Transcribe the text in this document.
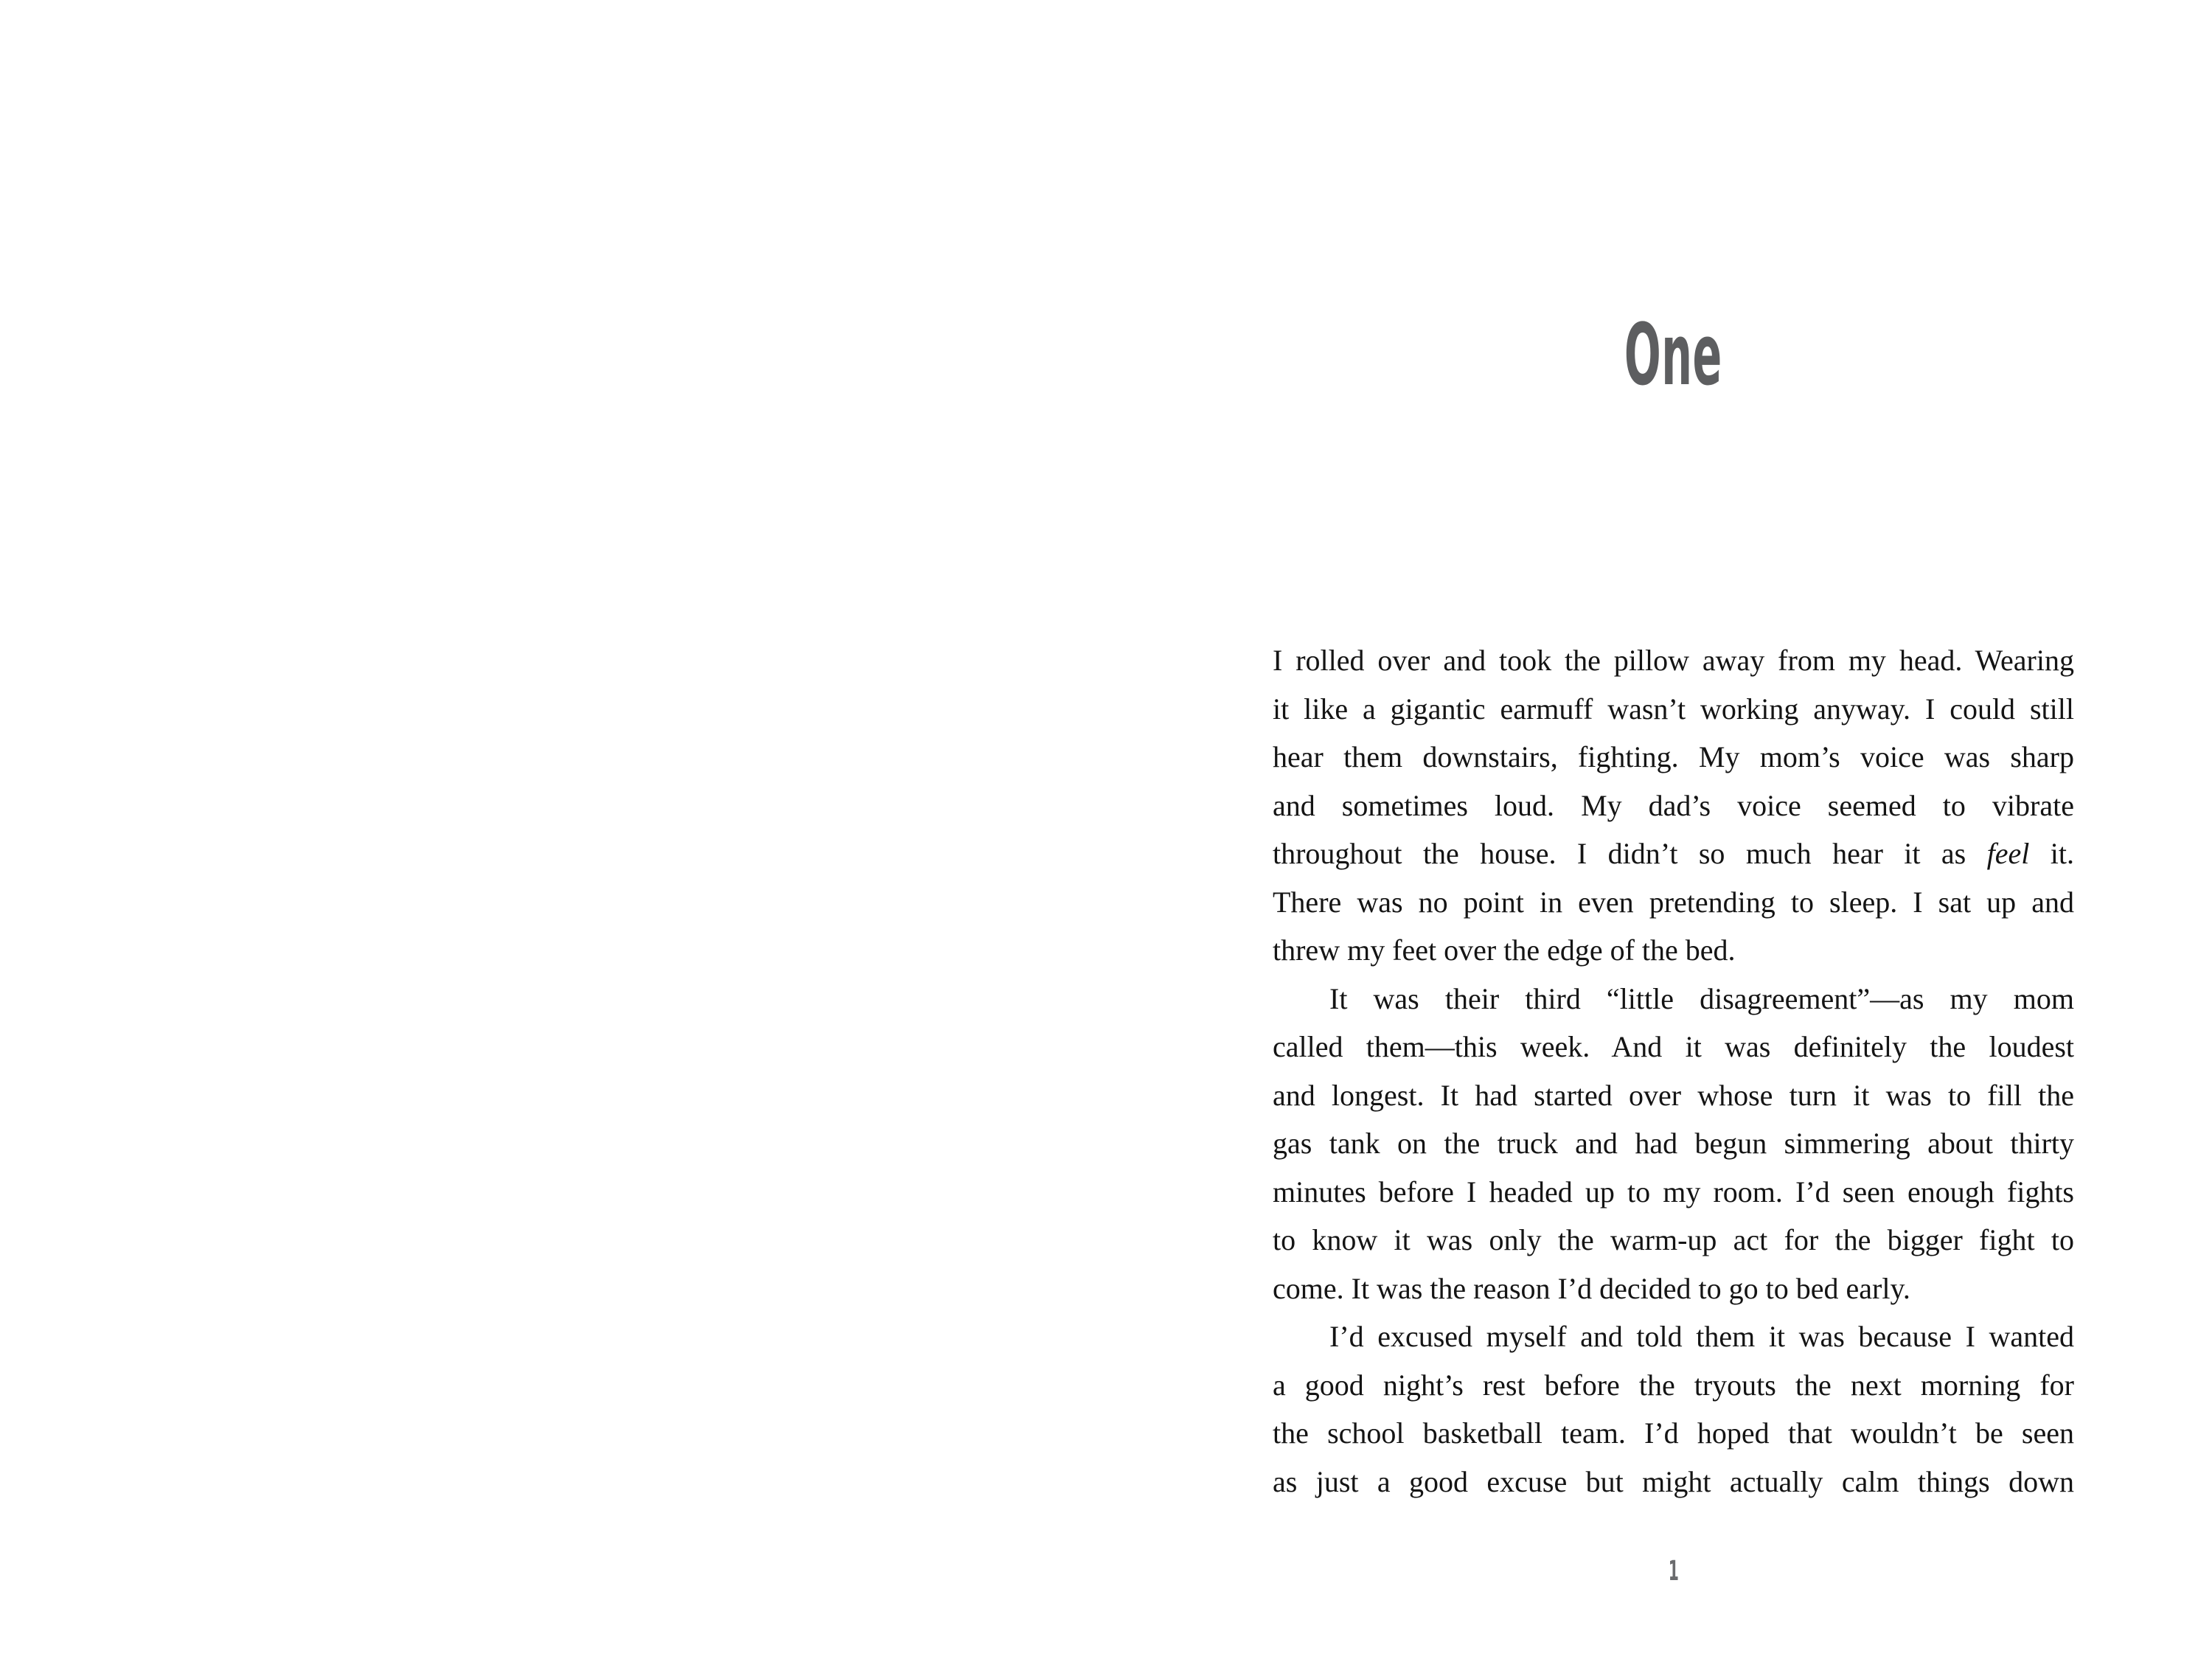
One
I rolled over and took the pillow away from my head. Wearing
it like a gigantic earmuff wasn’t working anyway. I could still
hear them downstairs, fighting. My mom’s voice was sharp
and sometimes loud. My dad’s voice seemed to vibrate
throughout the house. I didn’t so much hear it as feel it.
There was no point in even pretending to sleep. I sat up and
threw my feet over the edge of the bed.
It was their third “little disagreement”—as my mom
called them—this week. And it was definitely the loudest
and longest. It had started over whose turn it was to fill the
gas tank on the truck and had begun simmering about thirty
minutes before I headed up to my room. I’d seen enough fights
to know it was only the warm-up act for the bigger fight to
come. It was the reason I’d decided to go to bed early.
I’d excused myself and told them it was because I wanted
a good night’s rest before the tryouts the next morning for
the school basketball team. I’d hoped that wouldn’t be seen
as just a good excuse but might actually calm things down
1
